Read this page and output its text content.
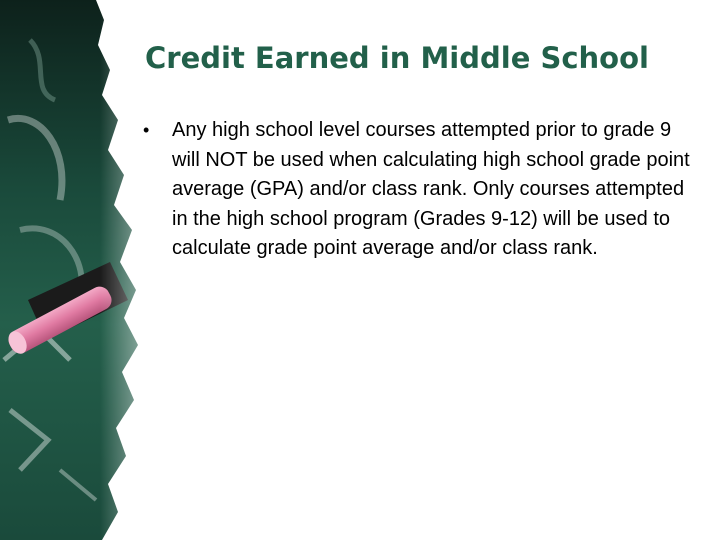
Credit Earned in Middle School
• Any high school level courses attempted prior to grade 9 will NOT be used when calculating high school grade point average (GPA) and/or class rank. Only courses attempted in the high school program (Grades 9-12) will be used to calculate grade point average and/or class rank.
